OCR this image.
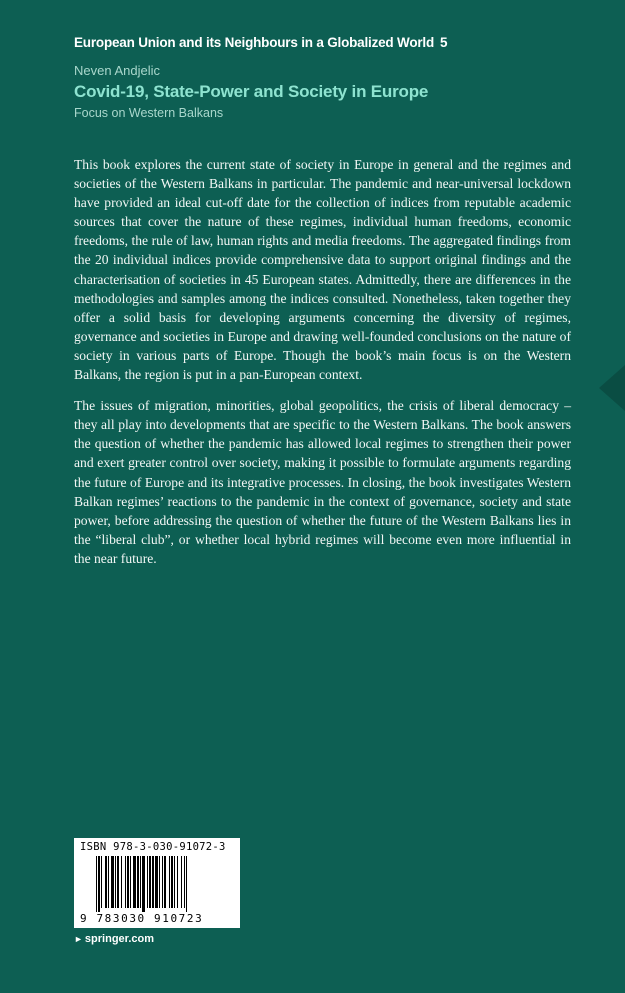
European Union and its Neighbours in a Globalized World 5
Neven Andjelic
Covid-19, State-Power and Society in Europe
Focus on Western Balkans

This book explores the current state of society in Europe in general and the regimes and societies of the Western Balkans in particular. The pandemic and near-universal lockdown have provided an ideal cut-off date for the collection of indices from reputable academic sources that cover the nature of these regimes, individual human freedoms, economic freedoms, the rule of law, human rights and media freedoms. The aggregated findings from the 20 individual indices provide comprehensive data to support original findings and the characterisation of societies in 45 European states. Admittedly, there are differences in the methodologies and samples among the indices consulted. Nonetheless, taken together they offer a solid basis for developing arguments concerning the diversity of regimes, governance and societies in Europe and drawing well-founded conclusions on the nature of society in various parts of Europe. Though the book’s main focus is on the Western Balkans, the region is put in a pan-European context.

The issues of migration, minorities, global geopolitics, the crisis of liberal democracy – they all play into developments that are specific to the Western Balkans. The book answers the question of whether the pandemic has allowed local regimes to strengthen their power and exert greater control over society, making it possible to formulate arguments regarding the future of Europe and its integrative processes. In closing, the book investigates Western Balkan regimes’ reactions to the pandemic in the context of governance, society and state power, before addressing the question of whether the future of the Western Balkans lies in the “liberal club”, or whether local hybrid regimes will become even more influential in the near future.

ISBN 978-3-030-91072-3
9 783030 910723
► springer.com
